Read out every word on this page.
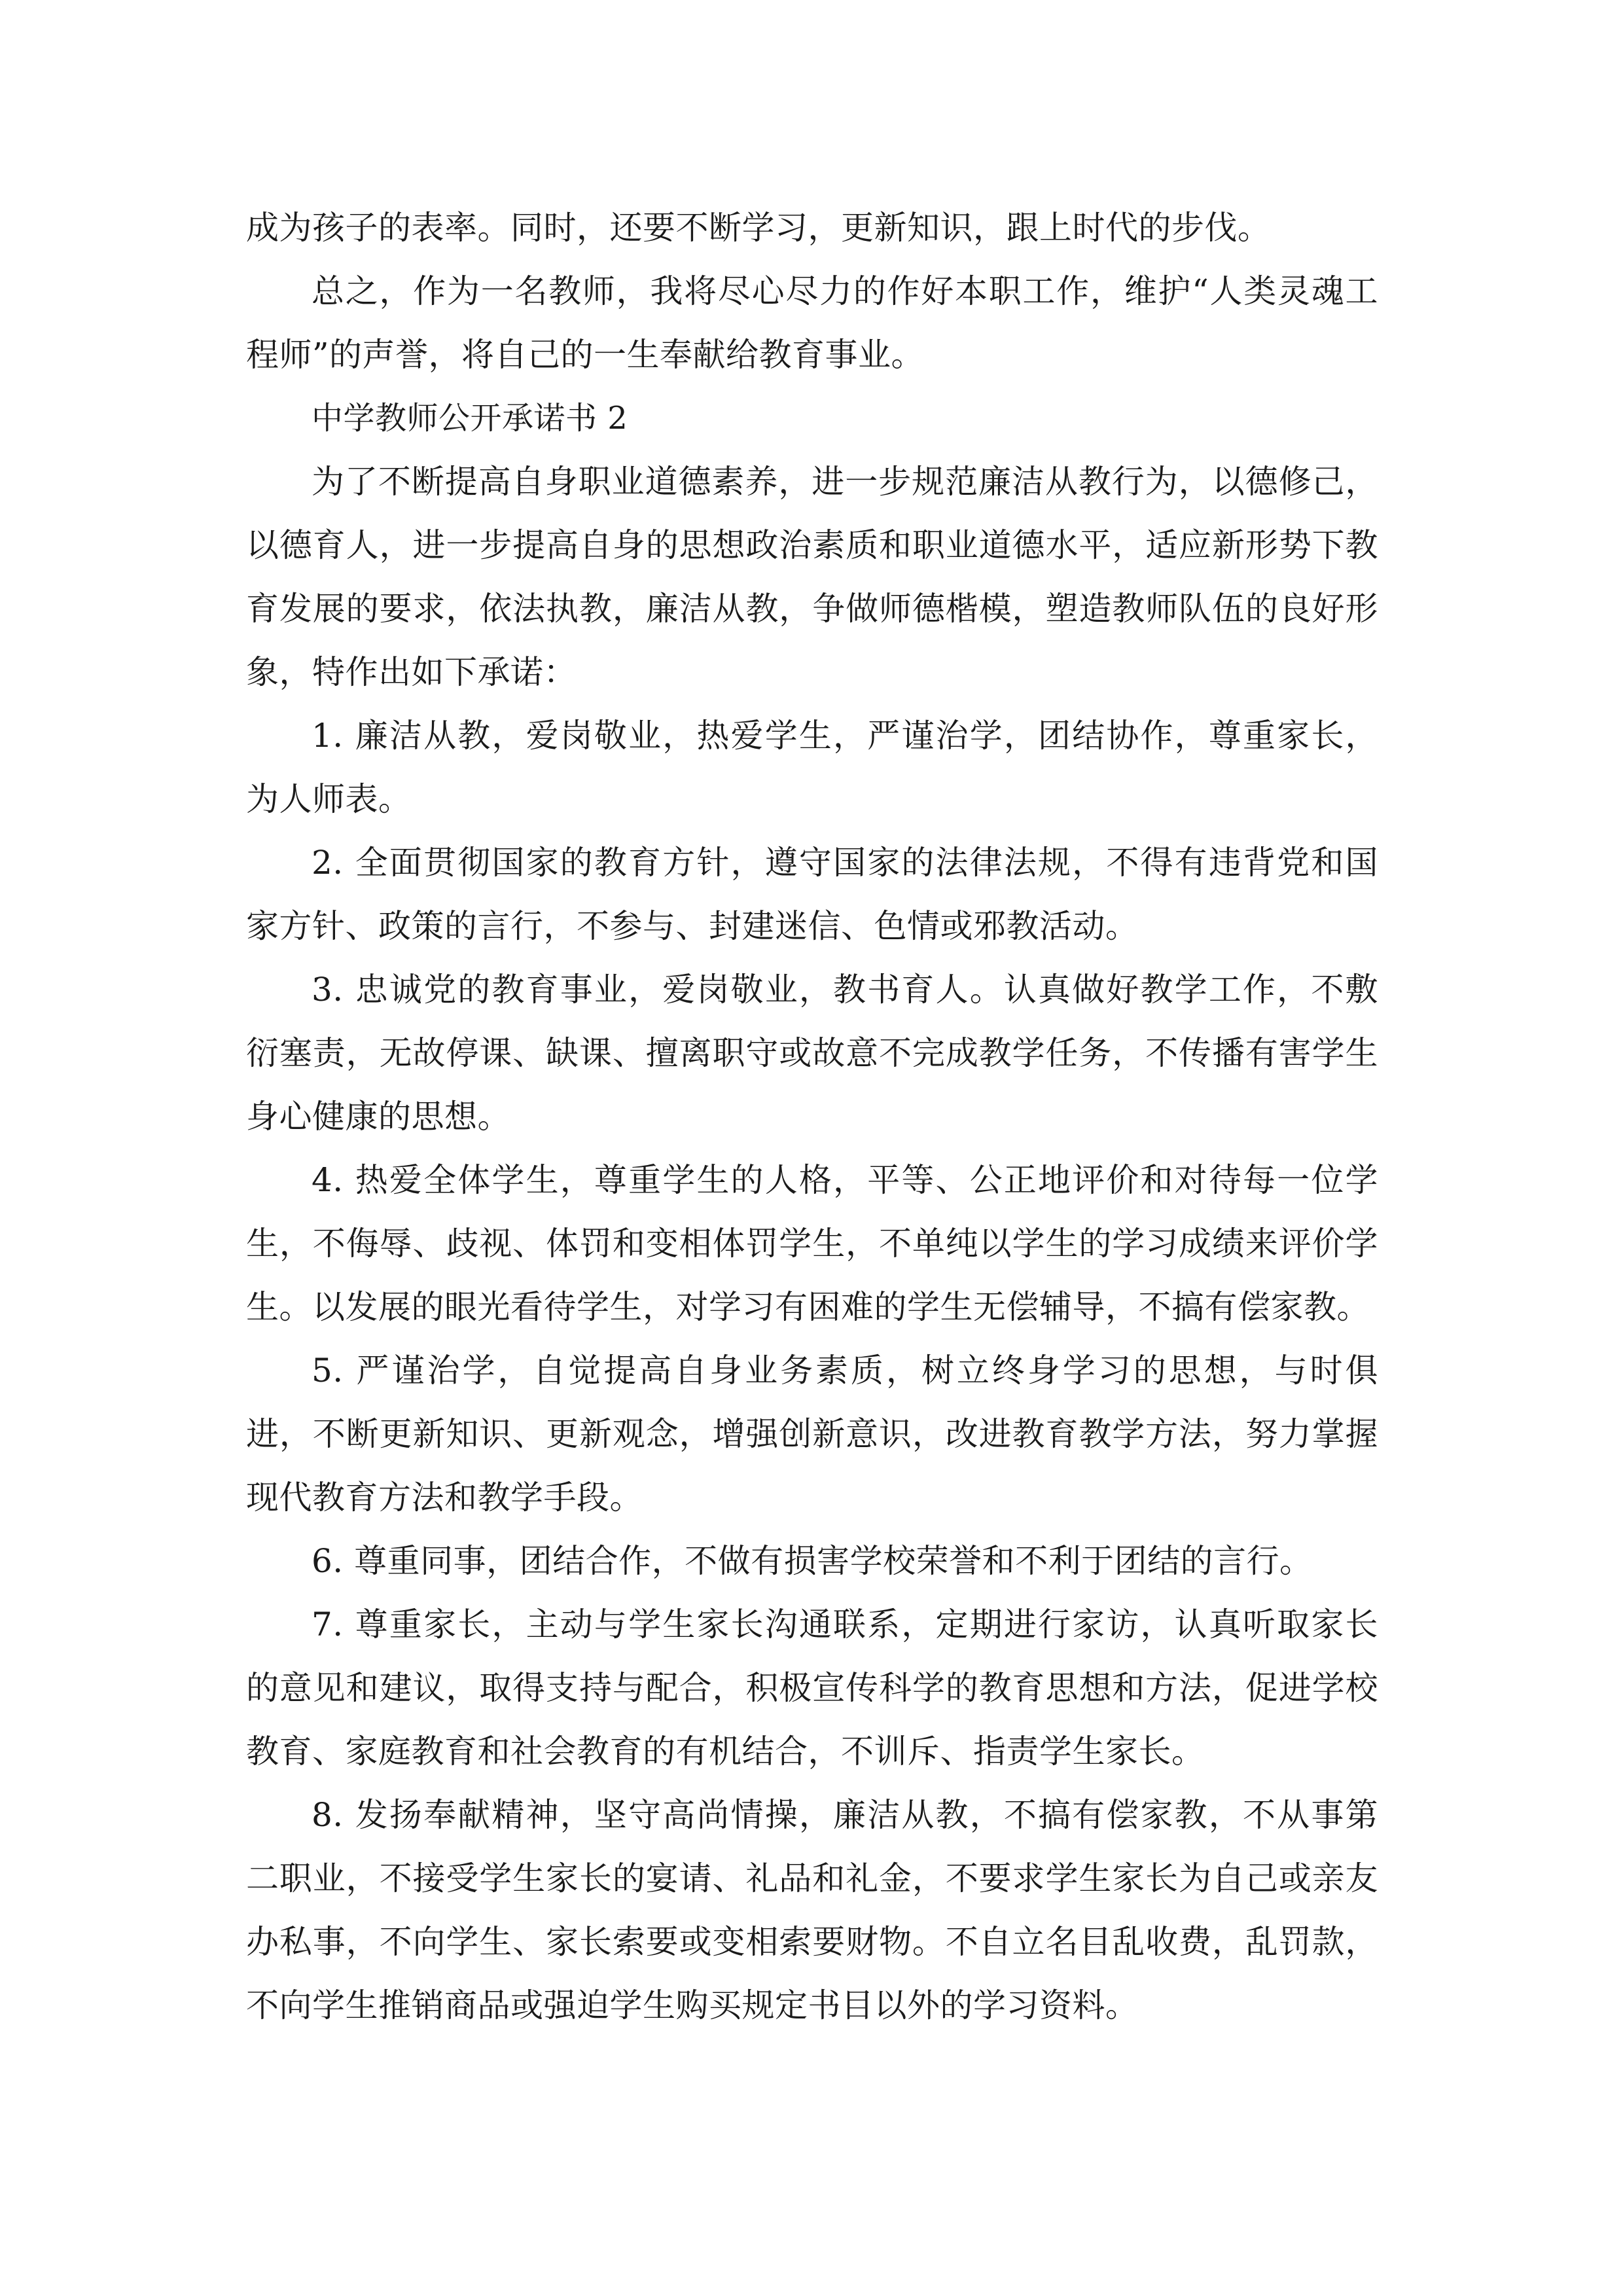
成为孩子的表率。同时，还要不断学习，更新知识，跟上时代的步伐。

总之，作为一名教师，我将尽心尽力的作好本职工作，维护“人类灵魂工程师”的声誉，将自己的一生奉献给教育事业。

中学教师公开承诺书 2

为了不断提高自身职业道德素养，进一步规范廉洁从教行为，以德修己，以德育人，进一步提高自身的思想政治素质和职业道德水平，适应新形势下教育发展的要求，依法执教，廉洁从教，争做师德楷模，塑造教师队伍的良好形象，特作出如下承诺：

1. 廉洁从教，爱岗敬业，热爱学生，严谨治学，团结协作，尊重家长，为人师表。

2. 全面贯彻国家的教育方针，遵守国家的法律法规，不得有违背党和国家方针、政策的言行，不参与、封建迷信、色情或邪教活动。

3. 忠诚党的教育事业，爱岗敬业，教书育人。认真做好教学工作，不敷衍塞责，无故停课、缺课、擅离职守或故意不完成教学任务，不传播有害学生身心健康的思想。

4. 热爱全体学生，尊重学生的人格，平等、公正地评价和对待每一位学生，不侮辱、歧视、体罚和变相体罚学生，不单纯以学生的学习成绩来评价学生。以发展的眼光看待学生，对学习有困难的学生无偿辅导，不搞有偿家教。

5. 严谨治学，自觉提高自身业务素质，树立终身学习的思想，与时俱进，不断更新知识、更新观念，增强创新意识，改进教育教学方法，努力掌握现代教育方法和教学手段。

6. 尊重同事，团结合作，不做有损害学校荣誉和不利于团结的言行。

7. 尊重家长，主动与学生家长沟通联系，定期进行家访，认真听取家长的意见和建议，取得支持与配合，积极宣传科学的教育思想和方法，促进学校教育、家庭教育和社会教育的有机结合，不训斥、指责学生家长。

8. 发扬奉献精神，坚守高尚情操，廉洁从教，不搞有偿家教，不从事第二职业，不接受学生家长的宴请、礼品和礼金，不要求学生家长为自己或亲友办私事，不向学生、家长索要或变相索要财物。不自立名目乱收费，乱罚款，不向学生推销商品或强迫学生购买规定书目以外的学习资料。
